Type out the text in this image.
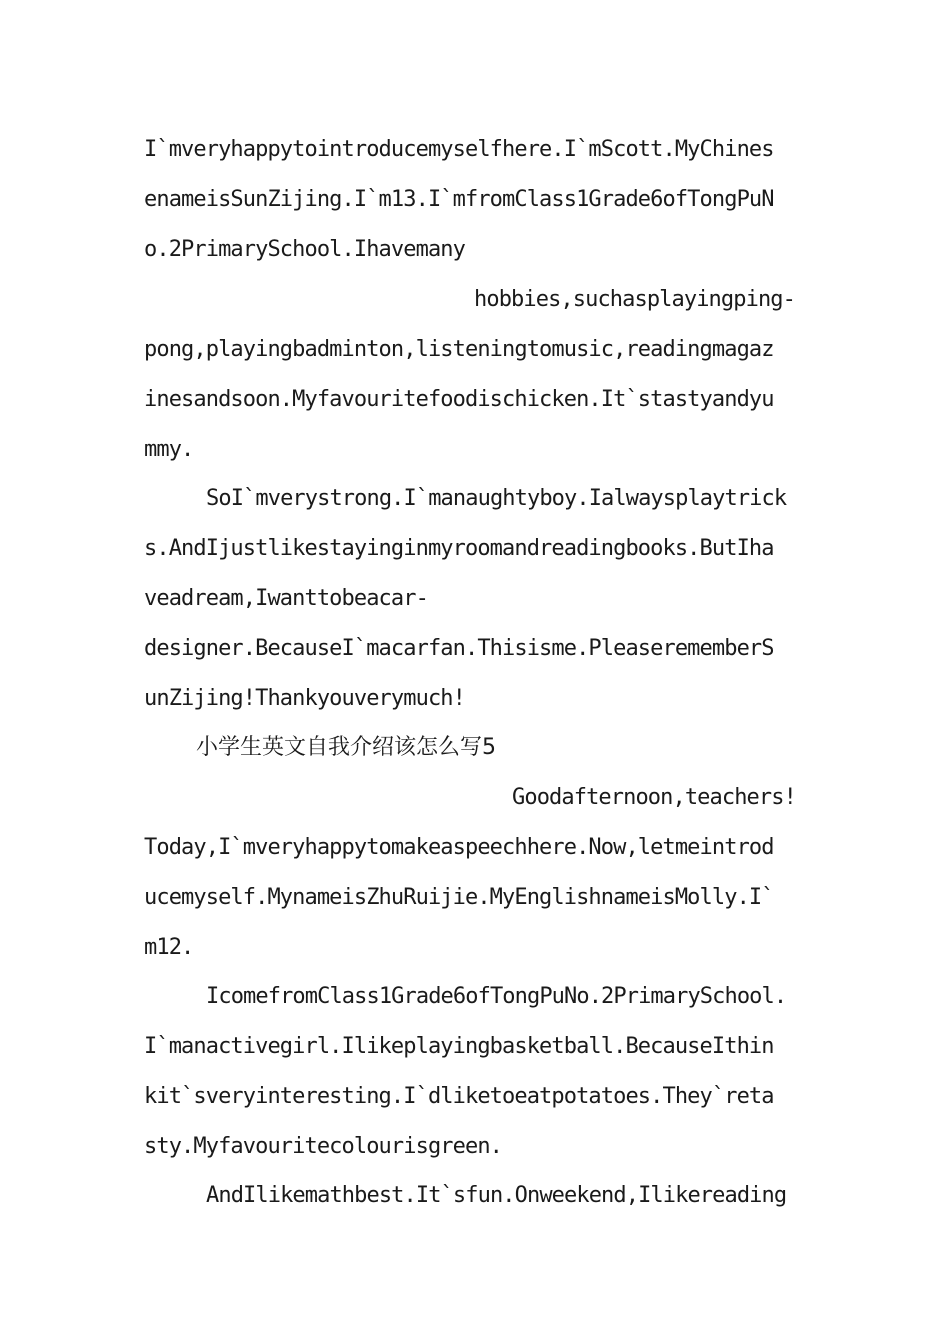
I`mveryhappytointroducemyselfhere.I`mScott.MyChines
enameisSunZijing.I`m13.I`mfromClass1Grade6ofTongPuN
o.2PrimarySchool.Ihavemany
hobbies,suchasplayingping-
pong,playingbadminton,listeningtomusic,readingmagaz
inesandsoon.Myfavouritefoodischicken.It`stastyandyu
mmy.
SoI`mverystrong.I`manaughtyboy.Ialwaysplaytrick
s.AndIjustlikestayinginmyroomandreadingbooks.ButIha
veadream,Iwanttobeacar-
designer.BecauseI`macarfan.Thisisme.PleaserememberS
unZijing!Thankyouverymuch!
小学生英文自我介绍该怎么写5
Goodafternoon,teachers!
Today,I`mveryhappytomakeaspeechhere.Now,letmeintrod
ucemyself.MynameisZhuRuijie.MyEnglishnameisMolly.I`
m12.
IcomefromClass1Grade6ofTongPuNo.2PrimarySchool.
I`manactivegirl.Ilikeplayingbasketball.BecauseIthin
kit`sveryinteresting.I`dliketoeatpotatoes.They`reta
sty.Myfavouritecolourisgreen.
AndIlikemathbest.It`sfun.Onweekend,Ilikereading
